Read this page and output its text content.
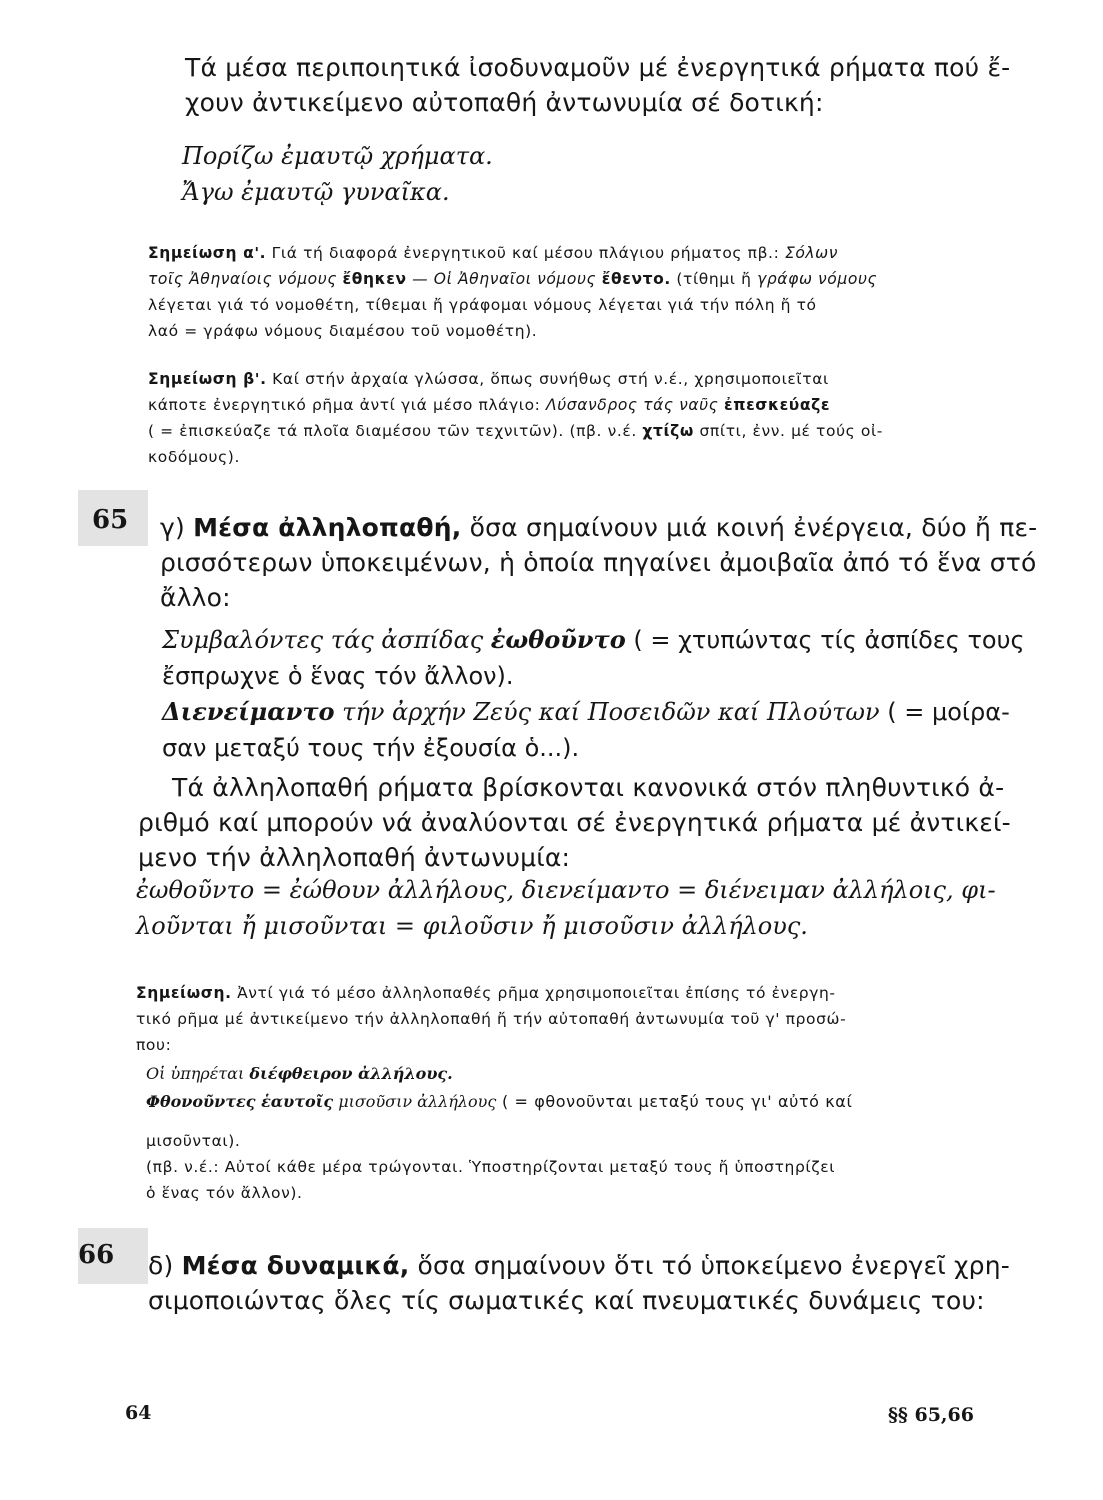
Τά μέσα περιποιητικά ἰσοδυναμοῦν μέ ἐνεργητικά ρήματα πού ἔ-
χουν ἀντικείμενο αὐτοπαθή ἀντωνυμία σέ δοτική:
Πορίζω ἐμαυτῷ χρήματα.
Ἄγω ἐμαυτῷ γυναῖκα.
Σημείωση α'. Γιά τή διαφορά ἐνεργητικοῦ καί μέσου πλάγιου ρήματος πβ.: Σόλων
τοῖς Ἀθηναίοις νόμους ἔθηκεν — Οἱ Ἀθηναῖοι νόμους ἔθεντο. (τίθημι ἤ γράφω νόμους
λέγεται γιά τό νομοθέτη, τίθεμαι ἤ γράφομαι νόμους λέγεται γιά τήν πόλη ἤ τό
λαό = γράφω νόμους διαμέσου τοῦ νομοθέτη).
Σημείωση β'. Καί στήν ἀρχαία γλώσσα, ὅπως συνήθως στή ν.έ., χρησιμοποιεῖται
κάποτε ἐνεργητικό ρῆμα ἀντί γιά μέσο πλάγιο: Λύσανδρος τάς ναῦς ἐπεσκεύαζε
( = ἐπισκεύαζε τά πλοῖα διαμέσου τῶν τεχνιτῶν). (πβ. ν.έ. χτίζω σπίτι, ἐνν. μέ τούς οἰ-
κοδόμους).
65 γ) Μέσα ἀλληλοπαθή, ὅσα σημαίνουν μιά κοινή ἐνέργεια, δύο ἤ πε-
ρισσότερων ὑποκειμένων, ἡ ὁποία πηγαίνει ἀμοιβαῖα ἀπό τό ἕνα στό
ἄλλο:
Συμβαλόντες τάς ἀσπίδας ἐωθοῦντο ( = χτυπώντας τίς ἀσπίδες τους
ἔσπρωχνε ὁ ἕνας τόν ἄλλον).
Διενείμαντο τήν ἀρχήν Ζεύς καί Ποσειδῶν καί Πλούτων ( = μοίρα-
σαν μεταξύ τους τήν ἐξουσία ὁ...).
Τά ἀλληλοπαθή ρήματα βρίσκονται κανονικά στόν πληθυντικό ἀ-
ριθμό καί μπορούν νά ἀναλύονται σέ ἐνεργητικά ρήματα μέ ἀντικεί-
μενο τήν ἀλληλοπαθή ἀντωνυμία:
ἐωθοῦντο = ἐώθουν ἀλλήλους, διενείμαντο = διένειμαν ἀλλήλοις, φι-
λοῦνται ἤ μισοῦνται = φιλοῦσιν ἤ μισοῦσιν ἀλλήλους.
Σημείωση. Ἀντί γιά τό μέσο ἀλληλοπαθές ρῆμα χρησιμοποιεῖται ἐπίσης τό ἐνεργη-
τικό ρῆμα μέ ἀντικείμενο τήν ἀλληλοπαθή ἤ τήν αὐτοπαθή ἀντωνυμία τοῦ γ' προσώ-
που:
Οἱ ὑπηρέται διέφθειρον ἀλλήλους.
Φθονοῦντες ἑαυτοῖς μισοῦσιν ἀλλήλους ( = φθονοῦνται μεταξύ τους γι' αὐτό καί
μισοῦνται).
(πβ. ν.έ.: Αὐτοί κάθε μέρα τρώγονται. Ὑποστηρίζονται μεταξύ τους ἤ ὑποστηρίζει
ὁ ἕνας τόν ἄλλον).
66 δ) Μέσα δυναμικά, ὅσα σημαίνουν ὅτι τό ὑποκείμενο ἐνεργεῖ χρη-
σιμοποιώντας ὅλες τίς σωματικές καί πνευματικές δυνάμεις του:
64	§§ 65,66
